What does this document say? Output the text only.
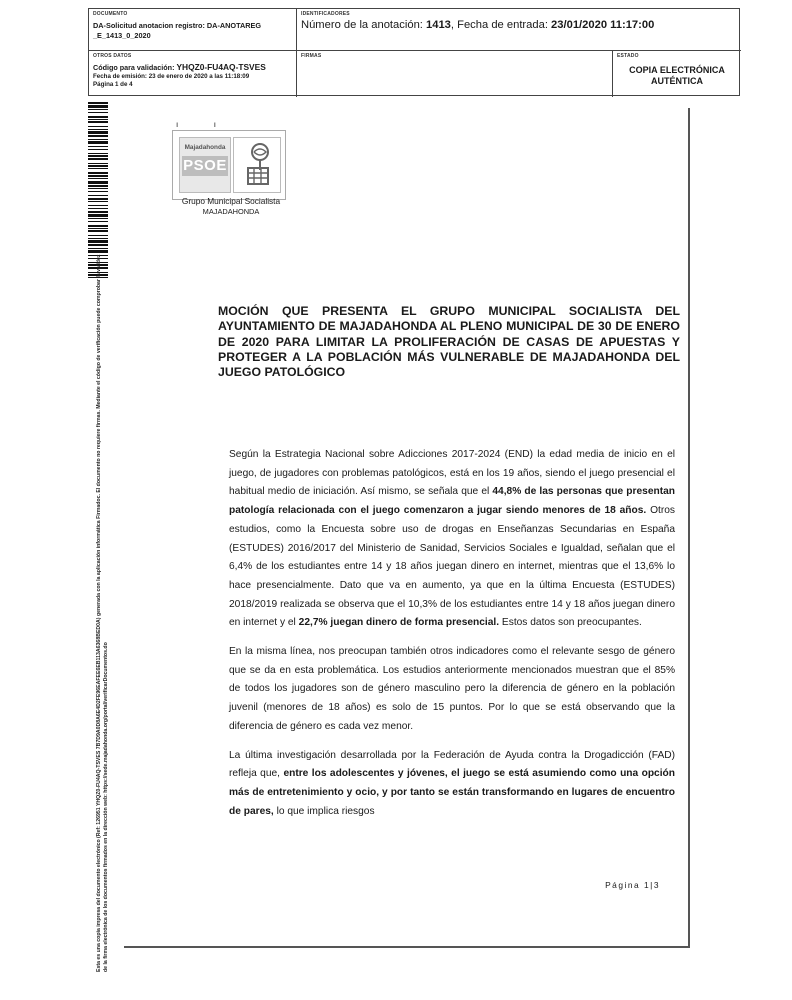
DOCUMENTO
DA-Solicitud anotacion registro: DA-ANOTAREG _E_1413_0_2020
IDENTIFICADORES
Número de la anotación: 1413, Fecha de entrada: 23/01/2020 11:17:00
OTROS DATOS
Código para validación: YHQZ0-FU4AQ-TSVES
Fecha de emisión: 23 de enero de 2020 a las 11:18:09
Página 1 de 4
FIRMAS	ESTADO
COPIA ELECTRÓNICA AUTÉNTICA
Esta es una copia impresa del documento electrónico (Ref: 126951 YHQZ0-FU4AQ-TSVES 7B7D9A0D8A6E4D2FE96EAFEE6EB113A6368BED0A) generada con la aplicación informática Firmadoc. El documento no requiere firmas. Mediante el código de verificación puede comprobar la validez de la firma electrónica de los documentos firmados en la dirección web: https://sede.majadahonda.org/portal/verificarDocumentos.do
ı                ı
Majadahonda
PSOE
Grupo Municipal Socialista
MAJADAHONDA
MOCIÓN QUE PRESENTA EL GRUPO MUNICIPAL SOCIALISTA DEL AYUNTAMIENTO DE MAJADAHONDA AL PLENO MUNICIPAL DE 30 DE ENERO DE 2020 PARA LIMITAR LA PROLIFERACIÓN DE CASAS DE APUESTAS Y PROTEGER A LA POBLACIÓN MÁS VULNERABLE DE MAJADAHONDA DEL JUEGO PATOLÓGICO

Según la Estrategia Nacional sobre Adicciones 2017-2024 (END) la edad media de inicio en el juego, de jugadores con problemas patológicos, está en los 19 años, siendo el juego presencial el habitual medio de iniciación. Así mismo, se señala que el 44,8% de las personas que presentan patología relacionada con el juego comenzaron a jugar siendo menores de 18 años. Otros estudios, como la Encuesta sobre uso de drogas en Enseñanzas Secundarias en España (ESTUDES) 2016/2017 del Ministerio de Sanidad, Servicios Sociales e Igualdad, señalan que el 6,4% de los estudiantes entre 14 y 18 años juegan dinero en internet, mientras que el 13,6% lo hace presencialmente. Dato que va en aumento, ya que en la última Encuesta (ESTUDES) 2018/2019 realizada se observa que el 10,3% de los estudiantes entre 14 y 18 años juegan dinero en internet y el 22,7% juegan dinero de forma presencial. Estos datos son preocupantes.

En la misma línea, nos preocupan también otros indicadores como el relevante sesgo de género que se da en esta problemática. Los estudios anteriormente mencionados muestran que el 85% de todos los jugadores son de género masculino pero la diferencia de género en la población juvenil (menores de 18 años) es solo de 15 puntos. Por lo que se está observando que la diferencia de género es cada vez menor.

La última investigación desarrollada por la Federación de Ayuda contra la Drogadicción (FAD) refleja que, entre los adolescentes y jóvenes, el juego se está asumiendo como una opción más de entretenimiento y ocio, y por tanto se están transformando en lugares de encuentro de pares, lo que implica riesgos

Página 1|3
